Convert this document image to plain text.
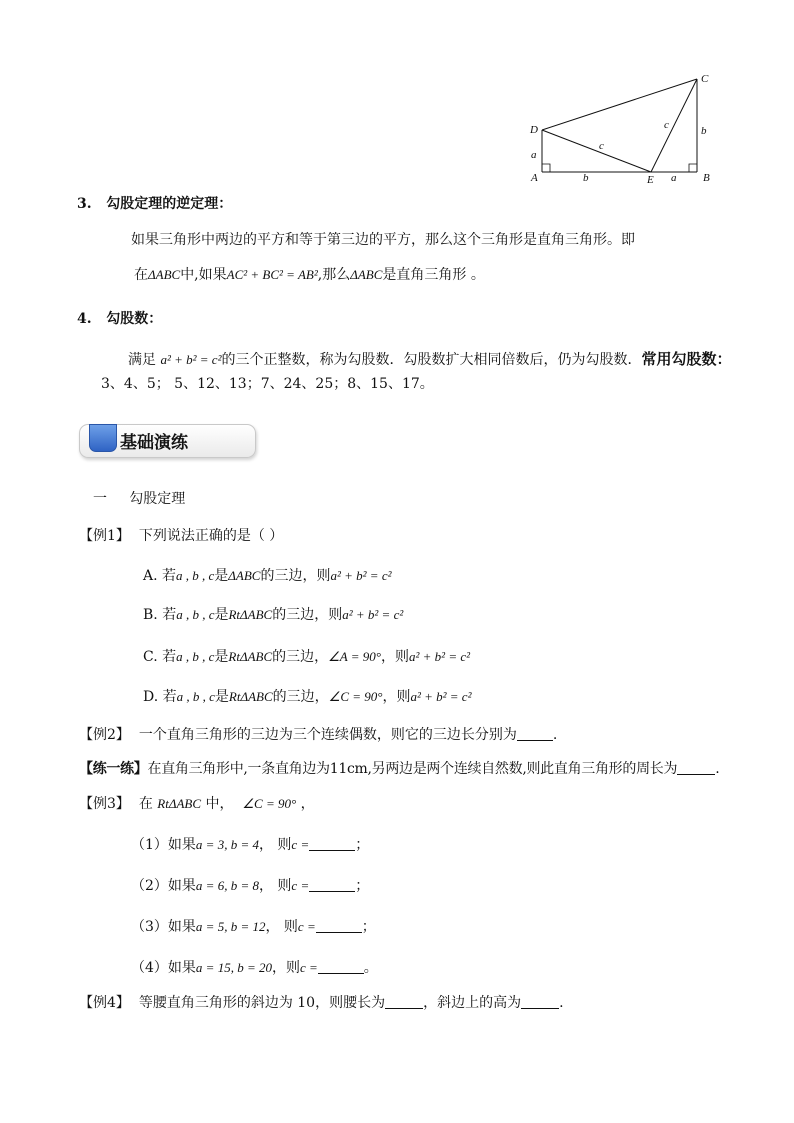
C
D
A	E	B
a
b
c
c
b	a
3. 勾股定理的逆定理：
如果三角形中两边的平方和等于第三边的平方，那么这个三角形是直角三角形。即
在ΔABC中,如果AC² + BC² = AB²,那么ΔABC是直角三角形 。
4. 勾股数：
满足 a² + b² = c²的三个正整数，称为勾股数．勾股数扩大相同倍数后，仍为勾股数．常用勾股数：
3、4、5； 5、12、13；7、24、25；8、15、17。
基础演练
一 勾股定理
【例1】 下列说法正确的是（ ）
A. 若a , b , c是ΔABC的三边，则a² + b² = c²
B. 若a , b , c是RtΔABC的三边，则a² + b² = c²
C. 若a , b , c是RtΔABC的三边，∠A = 90°，则a² + b² = c²
D. 若a , b , c是RtΔABC的三边，∠C = 90°，则a² + b² = c²
【例2】 一个直角三角形的三边为三个连续偶数，则它的三边长分别为	.
【练一练】在直角三角形中,一条直角边为11cm,另两边是两个连续自然数,则此直角三角形的周长为	.
【例3】 在 RtΔABC 中， ∠C = 90° ，
（1）如果a = 3, b = 4， 则c =	；
（2）如果a = 6, b = 8， 则c =	；
（3）如果a = 5, b = 12， 则c =	；
（4）如果a = 15, b = 20，则c =	。
【例4】 等腰直角三角形的斜边为 10，则腰长为	，斜边上的高为	.
